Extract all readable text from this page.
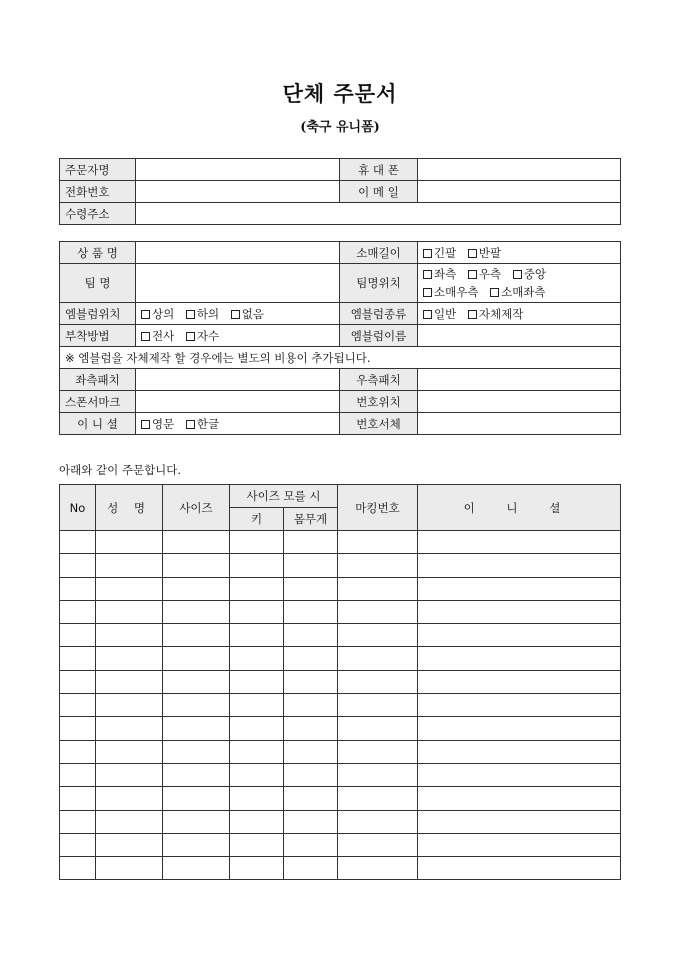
단체 주문서
(축구 유니폼)
주문자명		휴 대 폰	
전화번호		이 메 일	
수령주소			
상 품 명		소매길이	긴팔 반팔
팀 명		팀명위치	좌측 우측 중앙
소매우측 소매좌측

엠블럼위치	상의 하의 없음	엠블럼종류	일반 자체제작
부착방법	전사 자수	엠블럼이름	
※ 엠블럼을 자체제작 할 경우에는 별도의 비용이 추가됩니다.			
좌측패치		우측패치	
스폰서마크		번호위치	
이 니 셜	영문 한글	번호서체	
아래와 같이 주문합니다.
No	성 명	사이즈	사이즈 모를 시		마킹번호	이 니 셜
			키	몸무게		
